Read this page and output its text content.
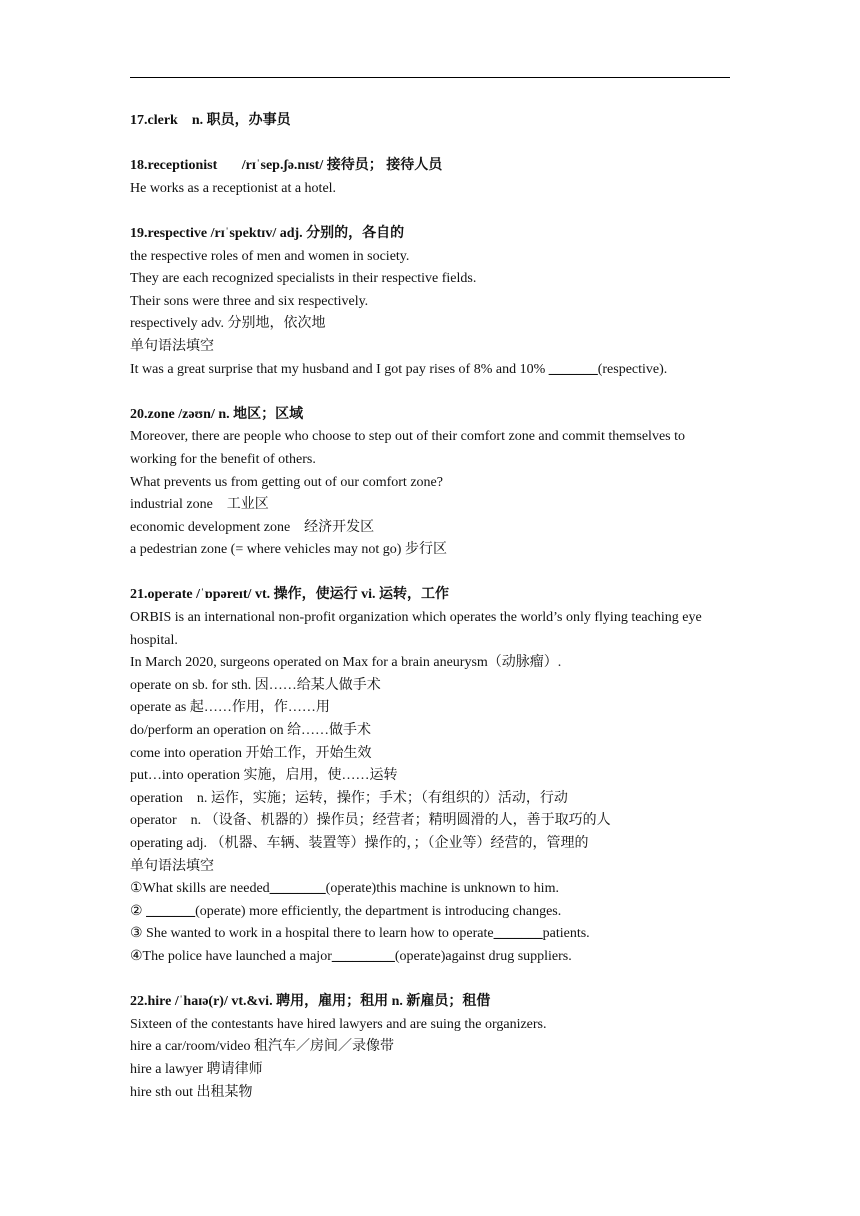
17.clerk    n. 职员，办事员
18.receptionist       /rɪˈsep.ʃə.nɪst/ 接待员； 接待人员
He works as a receptionist at a hotel.
19.respective /rɪˈspektɪv/ adj. 分别的，各自的
the respective roles of men and women in society.
They are each recognized specialists in their respective fields.
Their sons were three and six respectively.
respectively adv. 分别地，依次地
单句语法填空
It was a great surprise that my husband and I got pay rises of 8% and 10% _______(respective).
20.zone /zəʊn/ n. 地区；区域
Moreover, there are people who choose to step out of their comfort zone and commit themselves to working for the benefit of others.
What prevents us from getting out of our comfort zone?
industrial zone    工业区
economic development zone    经济开发区
a pedestrian zone (= where vehicles may not go) 步行区
21.operate /ˈɒpəreɪt/ vt. 操作，使运行 vi. 运转，工作
ORBIS is an international non-profit organization which operates the world’s only flying teaching eye hospital.
In March 2020, surgeons operated on Max for a brain aneurysm（动脉瘤）.
operate on sb. for sth. 因……给某人做手术
operate as 起……作用，作……用
do/perform an operation on 给……做手术
come into operation 开始工作，开始生效
put…into operation 实施，启用，使……运转
operation    n. 运作，实施；运转，操作；手术；（有组织的）活动，行动
operator    n. （设备、机器的）操作员；经营者；精明圆滑的人，善于取巧的人
operating adj. （机器、车辆、装置等）操作的，；（企业等）经营的，管理的
单句语法填空
①What skills are needed________(operate)this machine is unknown to him.
② _______(operate) more efficiently, the department is introducing changes.
③ She wanted to work in a hospital there to learn how to operate_______patients.
④The police have launched a major_________(operate)against drug suppliers.
22.hire /ˈhaɪə(r)/ vt.&vi. 聘用，雇用；租用 n. 新雇员；租借
Sixteen of the contestants have hired lawyers and are suing the organizers.
hire a car/room/video 租汽车／房间／录像带
hire a lawyer 聘请律师
hire sth out 出租某物
